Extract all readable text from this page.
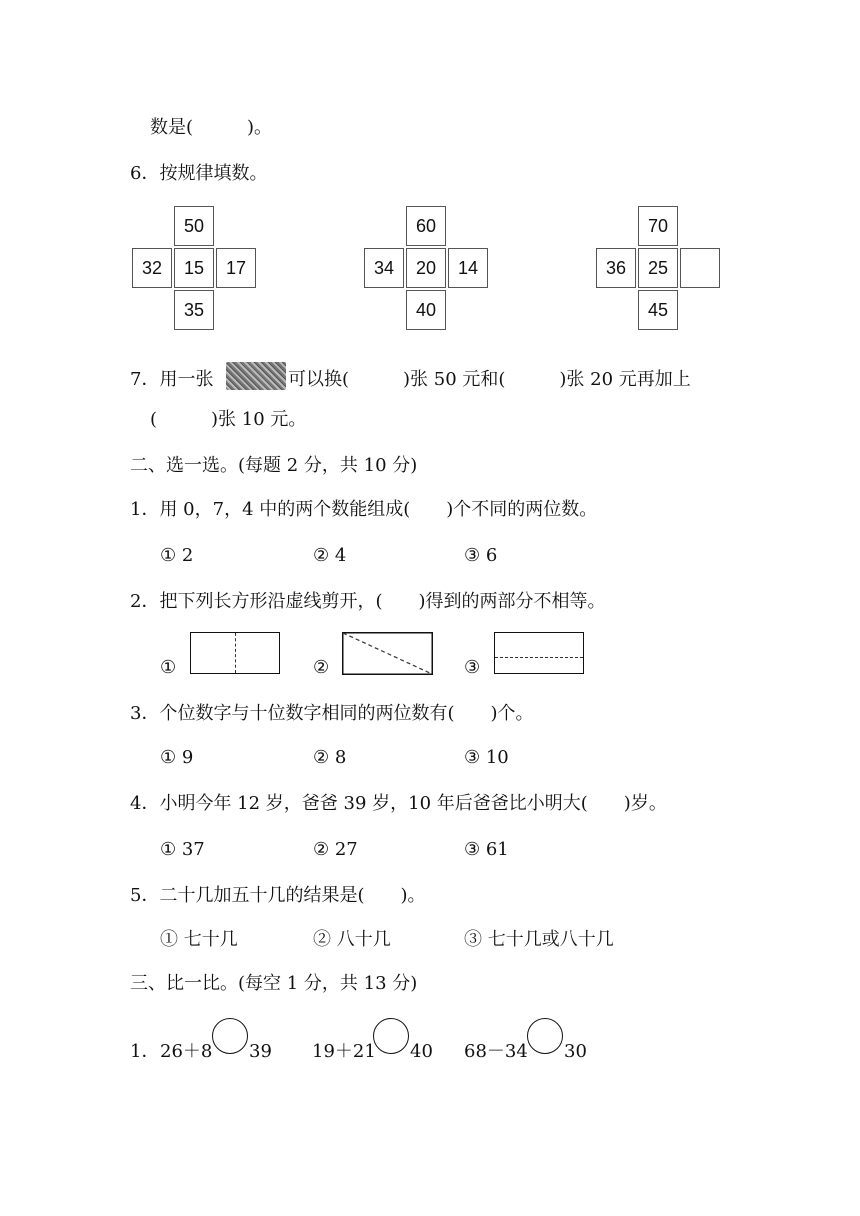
数是(　　　)。
6．按规律填数。
50
32	15	17
35
60
34	20	14
40
70
36	25
45
7．用一张	可以换(　　　)张 50 元和(　　　)张 20 元再加上
(　　　)张 10 元。
二、选一选。(每题 2 分，共 10 分)
1．用 0，7，4 中的两个数能组成(　　)个不同的两位数。
① 2	② 4	③ 6
2．把下列长方形沿虚线剪开，(　　)得到的两部分不相等。
①	②	③
3．个位数字与十位数字相同的两位数有(　　)个。
① 9	② 8	③ 10
4．小明今年 12 岁，爸爸 39 岁，10 年后爸爸比小明大(　　)岁。
① 37	② 27	③ 61
5．二十几加五十几的结果是(　　)。
① 七十几	② 八十几	③ 七十几或八十几
三、比一比。(每空 1 分，共 13 分)
1． 26＋8 39 19＋21 40 68－34 30
